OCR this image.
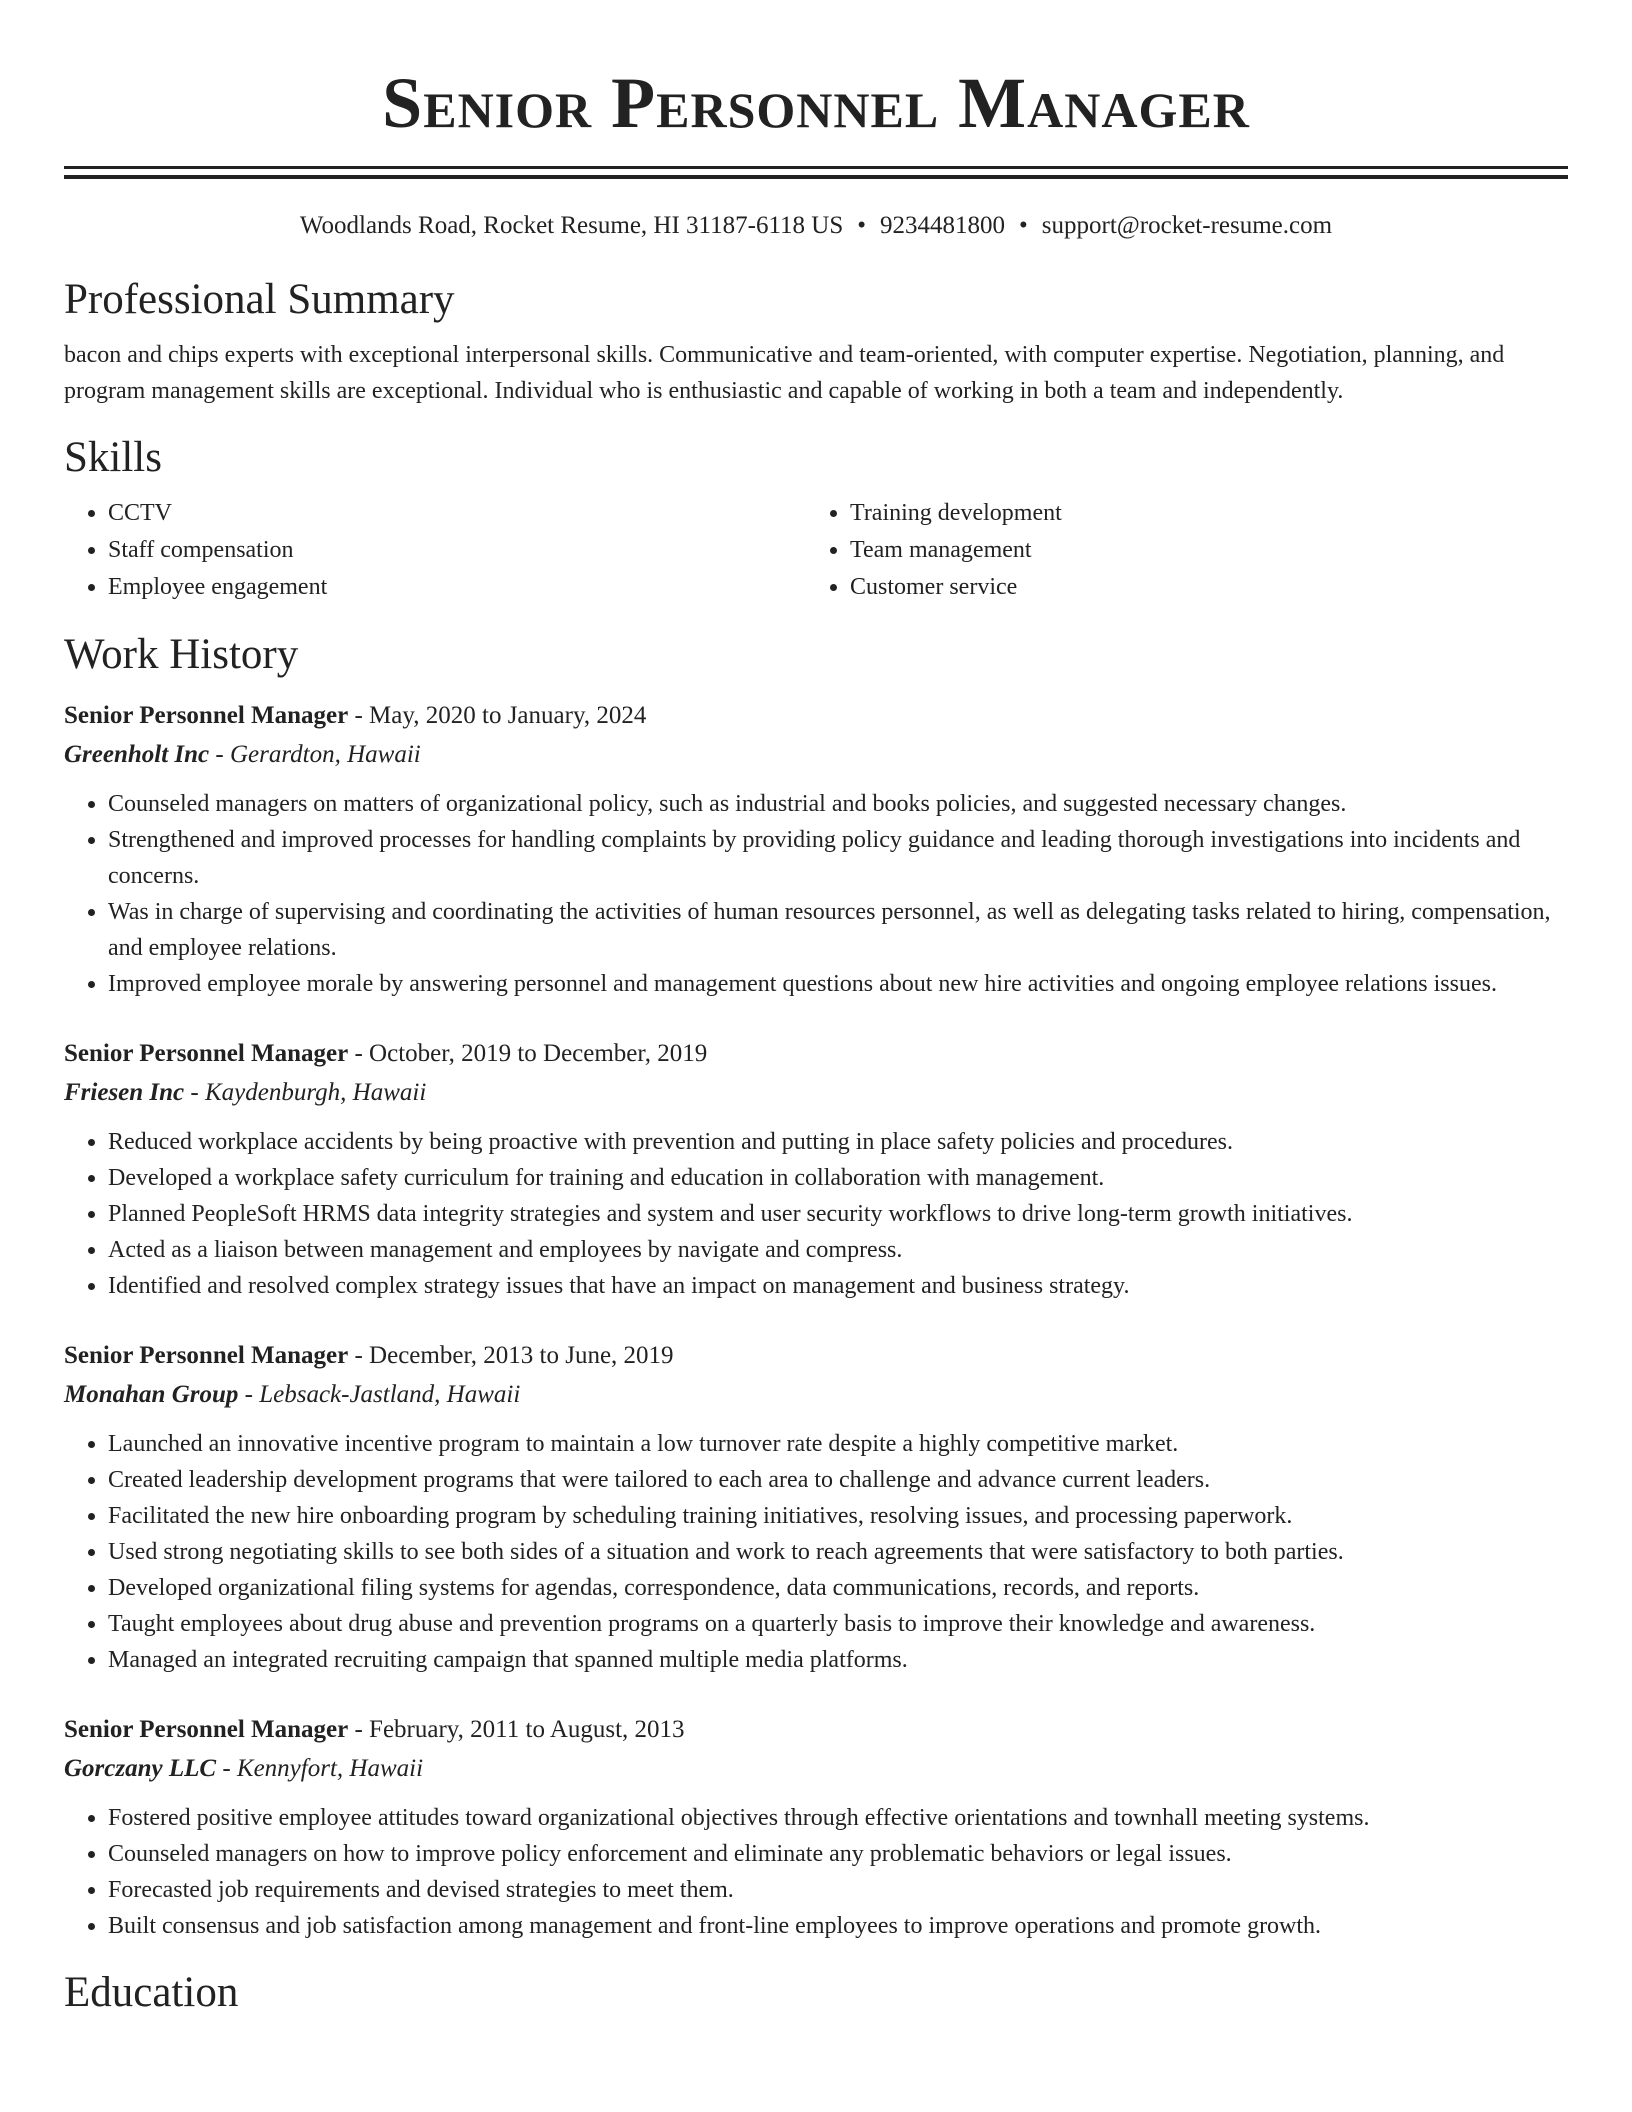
Senior Personnel Manager
Woodlands Road, Rocket Resume, HI 31187-6118 US • 9234481800 • support@rocket-resume.com
Professional Summary

bacon and chips experts with exceptional interpersonal skills. Communicative and team-oriented, with computer expertise. Negotiation, planning, and program management skills are exceptional. Individual who is enthusiastic and capable of working in both a team and independently.

Skills
• CCTV
• Staff compensation
• Employee engagement
• Training development
• Team management
• Customer service
Work History
Senior Personnel Manager - May, 2020 to January, 2024
Greenholt Inc - Gerardton, Hawaii
• Counseled managers on matters of organizational policy, such as industrial and books policies, and suggested necessary changes.
• Strengthened and improved processes for handling complaints by providing policy guidance and leading thorough investigations into incidents and concerns.
• Was in charge of supervising and coordinating the activities of human resources personnel, as well as delegating tasks related to hiring, compensation, and employee relations.
• Improved employee morale by answering personnel and management questions about new hire activities and ongoing employee relations issues.
Senior Personnel Manager - October, 2019 to December, 2019
Friesen Inc - Kaydenburgh, Hawaii
• Reduced workplace accidents by being proactive with prevention and putting in place safety policies and procedures.
• Developed a workplace safety curriculum for training and education in collaboration with management.
• Planned PeopleSoft HRMS data integrity strategies and system and user security workflows to drive long-term growth initiatives.
• Acted as a liaison between management and employees by navigate and compress.
• Identified and resolved complex strategy issues that have an impact on management and business strategy.
Senior Personnel Manager - December, 2013 to June, 2019
Monahan Group - Lebsack-Jastland, Hawaii
• Launched an innovative incentive program to maintain a low turnover rate despite a highly competitive market.
• Created leadership development programs that were tailored to each area to challenge and advance current leaders.
• Facilitated the new hire onboarding program by scheduling training initiatives, resolving issues, and processing paperwork.
• Used strong negotiating skills to see both sides of a situation and work to reach agreements that were satisfactory to both parties.
• Developed organizational filing systems for agendas, correspondence, data communications, records, and reports.
• Taught employees about drug abuse and prevention programs on a quarterly basis to improve their knowledge and awareness.
• Managed an integrated recruiting campaign that spanned multiple media platforms.
Senior Personnel Manager - February, 2011 to August, 2013
Gorczany LLC - Kennyfort, Hawaii
• Fostered positive employee attitudes toward organizational objectives through effective orientations and townhall meeting systems.
• Counseled managers on how to improve policy enforcement and eliminate any problematic behaviors or legal issues.
• Forecasted job requirements and devised strategies to meet them.
• Built consensus and job satisfaction among management and front-line employees to improve operations and promote growth.
Education
